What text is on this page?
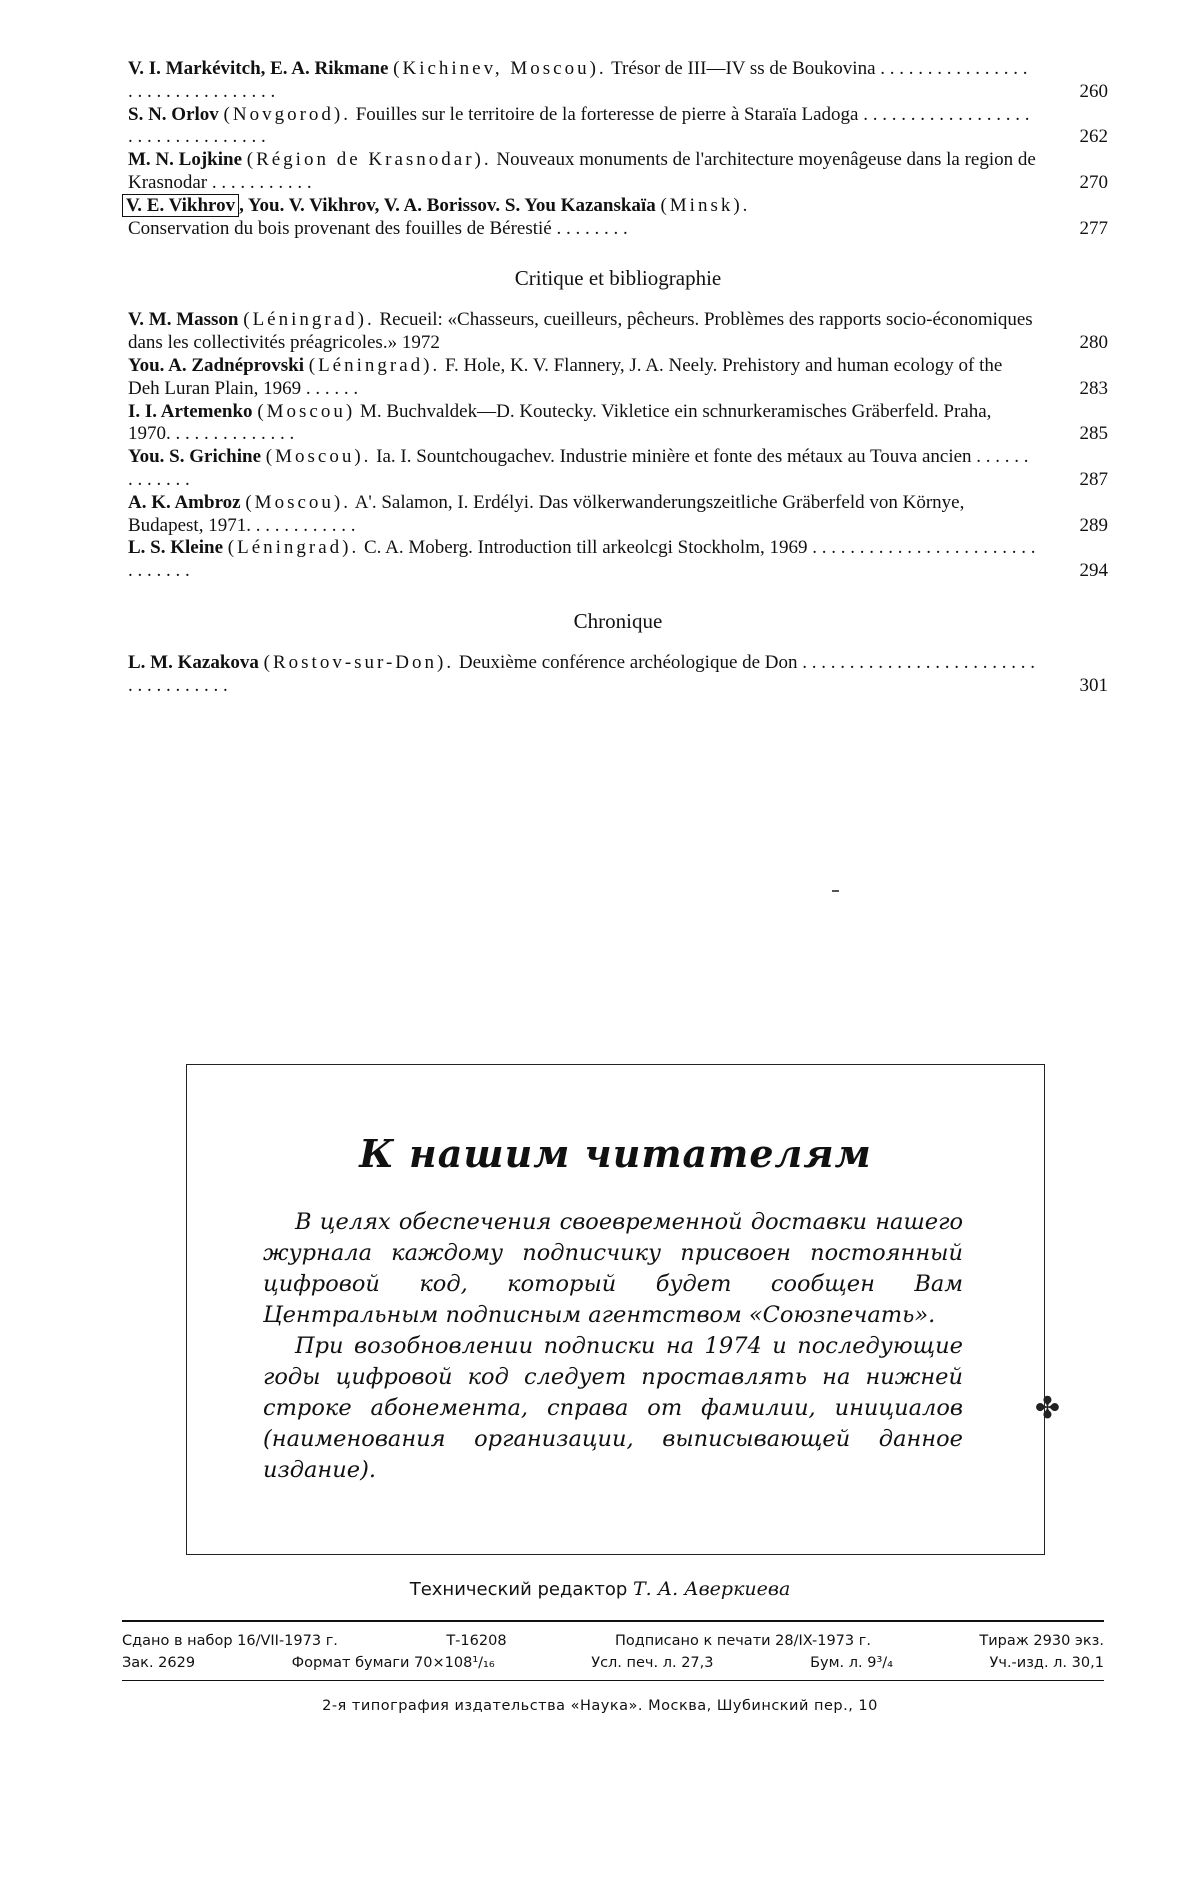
V. I. Markévitch, E. A. Rikmane (Kichinev, Moscou). Trésor de III—IV ss de Boukovina . . . . . . . . . . . . . . . . . . . . . . . . . . . . . . . .	260
S. N. Orlov (Novgorod). Fouilles sur le territoire de la forteresse de pierre à Staraïa Ladoga . . . . . . . . . . . . . . . . . . . . . . . . . . . . . . . . .	262
M. N. Lojkine (Région de Krasnodar). Nouveaux monuments de l'architecture moyenâgeuse dans la region de Krasnodar . . . . . . . . . . .	270
V. E. Vikhrov , You. V. Vikhrov, V. A. Borissov. S. You Kazanskaïa (Minsk).
Conservation du bois provenant des fouilles de Bérestié . . . . . . . .	277
Critique et bibliographie
V. M. Masson (Léningrad). Recueil: «Chasseurs, cueilleurs, pêcheurs. Problèmes des rapports socio-économiques dans les collectivités préagricoles.» 1972	280
You. A. Zadnéprovski (Léningrad). F. Hole, K. V. Flannery, J. A. Neely. Prehistory and human ecology of the Deh Luran Plain, 1969 . . . . . .	283
I. I. Artemenko (Moscou) M. Buchvaldek—D. Koutecky. Vikletice ein schnurkeramisches Gräberfeld. Praha, 1970. . . . . . . . . . . . . .	285
You. S. Grichine (Moscou). Ia. I. Sountchougachev. Industrie minière et fonte des métaux au Touva ancien . . . . . . . . . . . . .	287
A. K. Ambroz (Moscou). A'. Salamon, I. Erdélyi. Das völkerwanderungszeitliche Gräberfeld von Környe, Budapest, 1971. . . . . . . . . . . .	289
L. S. Kleine (Léningrad). C. A. Moberg. Introduction till arkeolcgi Stockholm, 1969 . . . . . . . . . . . . . . . . . . . . . . . . . . . . . . .	294
Chronique
L. M. Kazakova (Rostov-sur-Don). Deuxième conférence archéologique de Don . . . . . . . . . . . . . . . . . . . . . . . . . . . . . . . . . . . .	301
К нашим читателям

В целях обеспечения своевременной доставки нашего журнала каждому подписчику присвоен постоянный цифровой код, который будет сообщен Вам Центральным подписным агентством «Союзпечать».

При возобновлении подписки на 1974 и последующие годы цифровой код следует проставлять на нижней строке абонемента, справа от фамилии, инициалов (наименования организации, выписывающей данное издание).

✤
Технический редактор Т. А. Аверкиева
Сдано в набор 16/VII-1973 г.	Т-16208	Подписано к печати 28/IX-1973 г.	Тираж 2930 экз.
Зак. 2629	Формат бумаги 70×108¹/₁₆	Усл. печ. л. 27,3	Бум. л. 9³/₄	Уч.-изд. л. 30,1
2-я типография издательства «Наука». Москва, Шубинский пер., 10
